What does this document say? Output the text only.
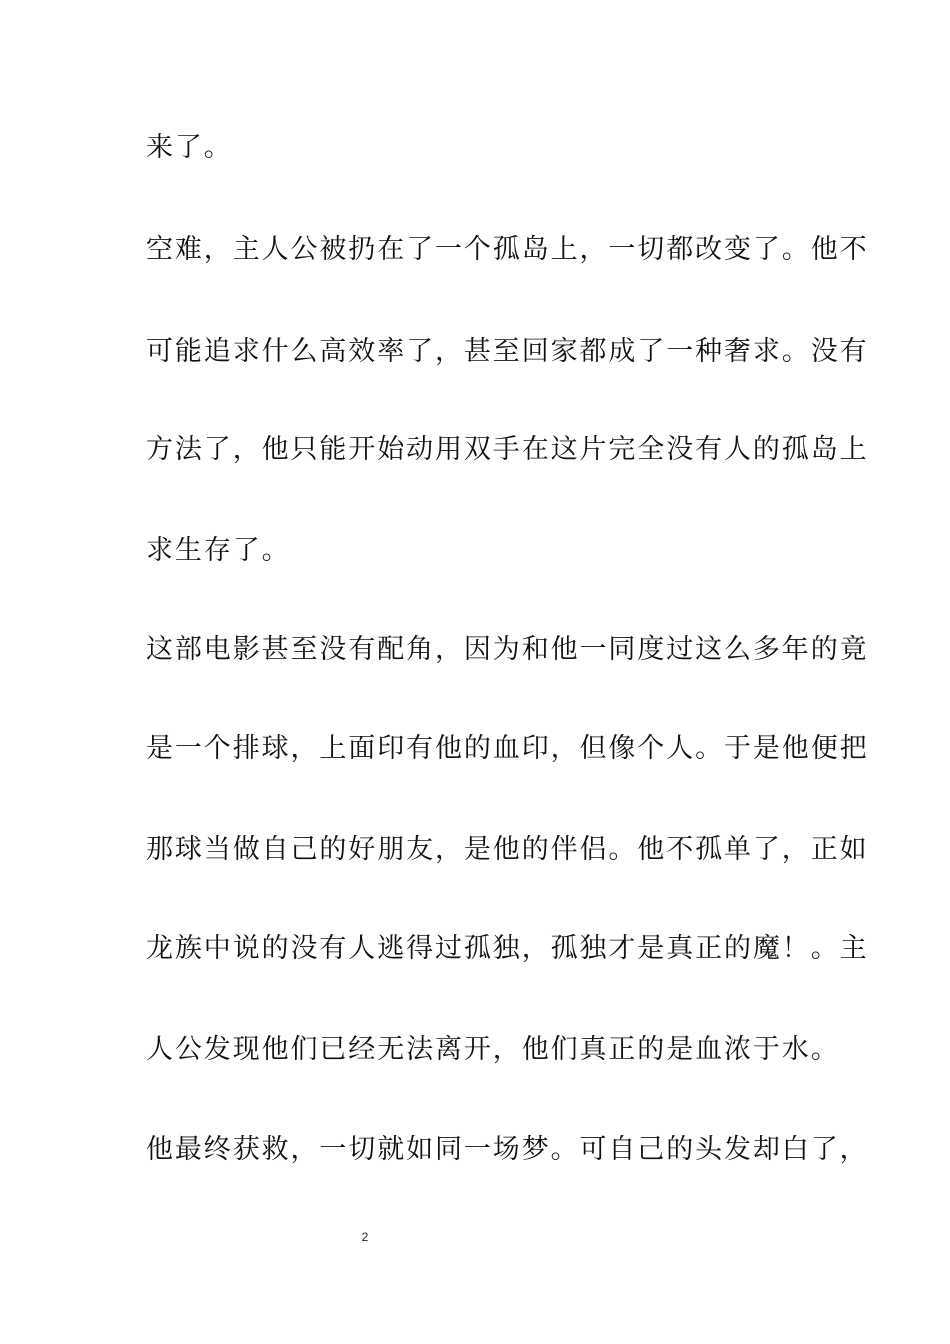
来了。
空难，主人公被扔在了一个孤岛上，一切都改变了。他不
可能追求什么高效率了，甚至回家都成了一种奢求。没有
方法了，他只能开始动用双手在这片完全没有人的孤岛上
求生存了。
这部电影甚至没有配角，因为和他一同度过这么多年的竟
是一个排球，上面印有他的血印，但像个人。于是他便把
那球当做自己的好朋友，是他的伴侣。他不孤单了，正如
龙族中说的没有人逃得过孤独，孤独才是真正的魔！。主
人公发现他们已经无法离开，他们真正的是血浓于水。
他最终获救，一切就如同一场梦。可自己的头发却白了，
2
